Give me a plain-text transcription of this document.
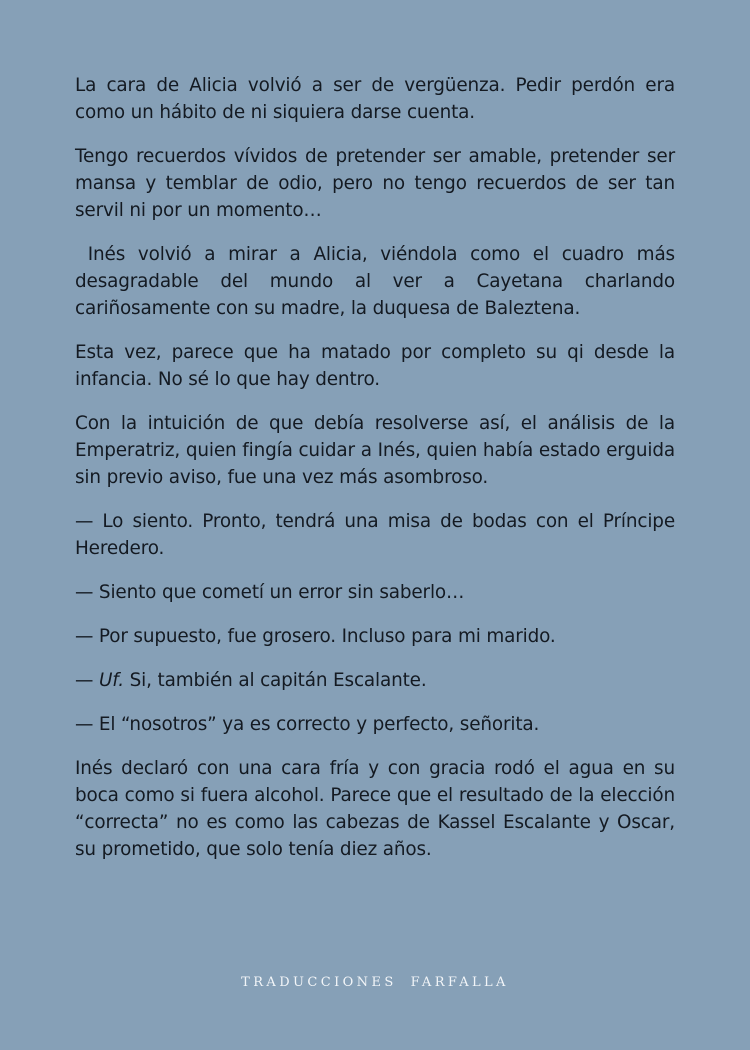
La cara de Alicia volvió a ser de vergüenza. Pedir perdón era como un hábito de ni siquiera darse cuenta.

Tengo recuerdos vívidos de pretender ser amable, pretender ser mansa y temblar de odio, pero no tengo recuerdos de ser tan servil ni por un momento…

Inés volvió a mirar a Alicia, viéndola como el cuadro más desagradable del mundo al ver a Cayetana charlando cariñosamente con su madre, la duquesa de Baleztena.

Esta vez, parece que ha matado por completo su qi desde la infancia. No sé lo que hay dentro.

Con la intuición de que debía resolverse así, el análisis de la Emperatriz, quien fingía cuidar a Inés, quien había estado erguida sin previo aviso, fue una vez más asombroso.

— Lo siento. Pronto, tendrá una misa de bodas con el Príncipe Heredero.

— Siento que cometí un error sin saberlo…

— Por supuesto, fue grosero. Incluso para mi marido.

— Uf. Si, también al capitán Escalante.

— El “nosotros” ya es correcto y perfecto, señorita.

Inés declaró con una cara fría y con gracia rodó el agua en su boca como si fuera alcohol. Parece que el resultado de la elección “correcta” no es como las cabezas de Kassel Escalante y Oscar, su prometido, que solo tenía diez años.

TRADUCCIONES FARFALLA
